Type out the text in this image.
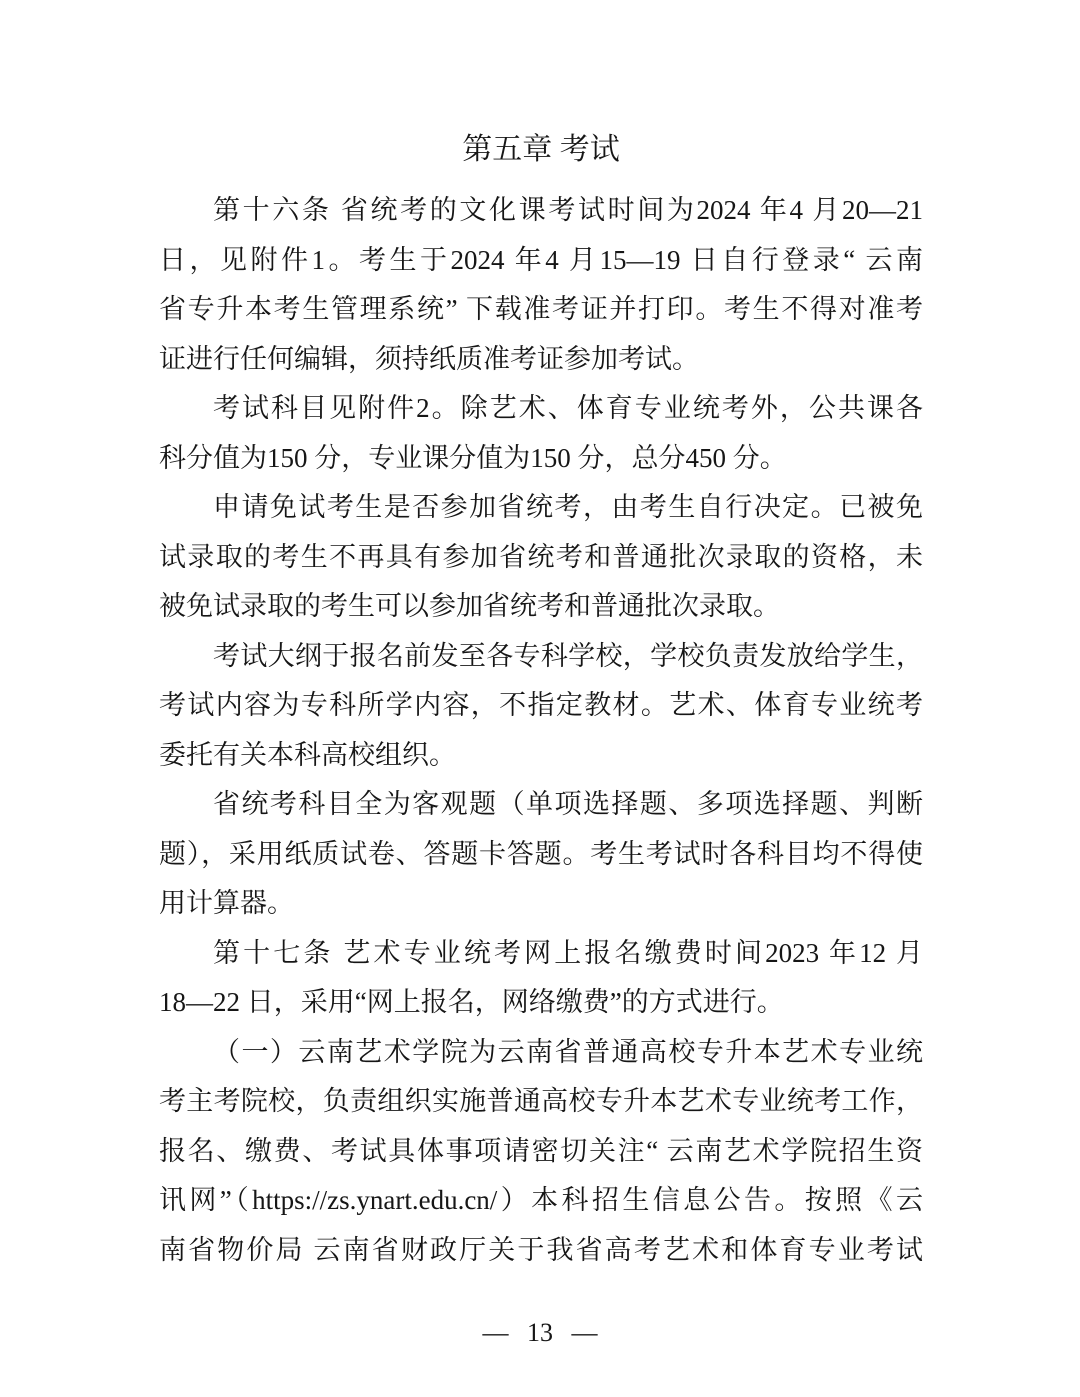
第五章 考试
第十六条 省统考的文化课考试时间为2024 年4 月20—21
日，见附件1。考生于2024 年4 月15—19 日自行登录“ 云南
省专升本考生管理系统” 下载准考证并打印。考生不得对准考
证进行任何编辑，须持纸质准考证参加考试。
考试科目见附件2。除艺术、体育专业统考外，公共课各
科分值为150 分，专业课分值为150 分，总分450 分。
申请免试考生是否参加省统考，由考生自行决定。已被免
试录取的考生不再具有参加省统考和普通批次录取的资格，未
被免试录取的考生可以参加省统考和普通批次录取。
考试大纲于报名前发至各专科学校，学校负责发放给学生，
考试内容为专科所学内容，不指定教材。艺术、体育专业统考
委托有关本科高校组织。
省统考科目全为客观题（单项选择题、多项选择题、判断
题），采用纸质试卷、答题卡答题。考生考试时各科目均不得使
用计算器。
第十七条 艺术专业统考网上报名缴费时间2023 年12 月
18—22 日，采用“网上报名，网络缴费”的方式进行。
（一）云南艺术学院为云南省普通高校专升本艺术专业统
考主考院校，负责组织实施普通高校专升本艺术专业统考工作，
报名、缴费、考试具体事项请密切关注“ 云南艺术学院招生资
讯网”（https://zs.ynart.edu.cn/）本科招生信息公告。按照《云
南省物价局 云南省财政厅关于我省高考艺术和体育专业考试
— 13 —
